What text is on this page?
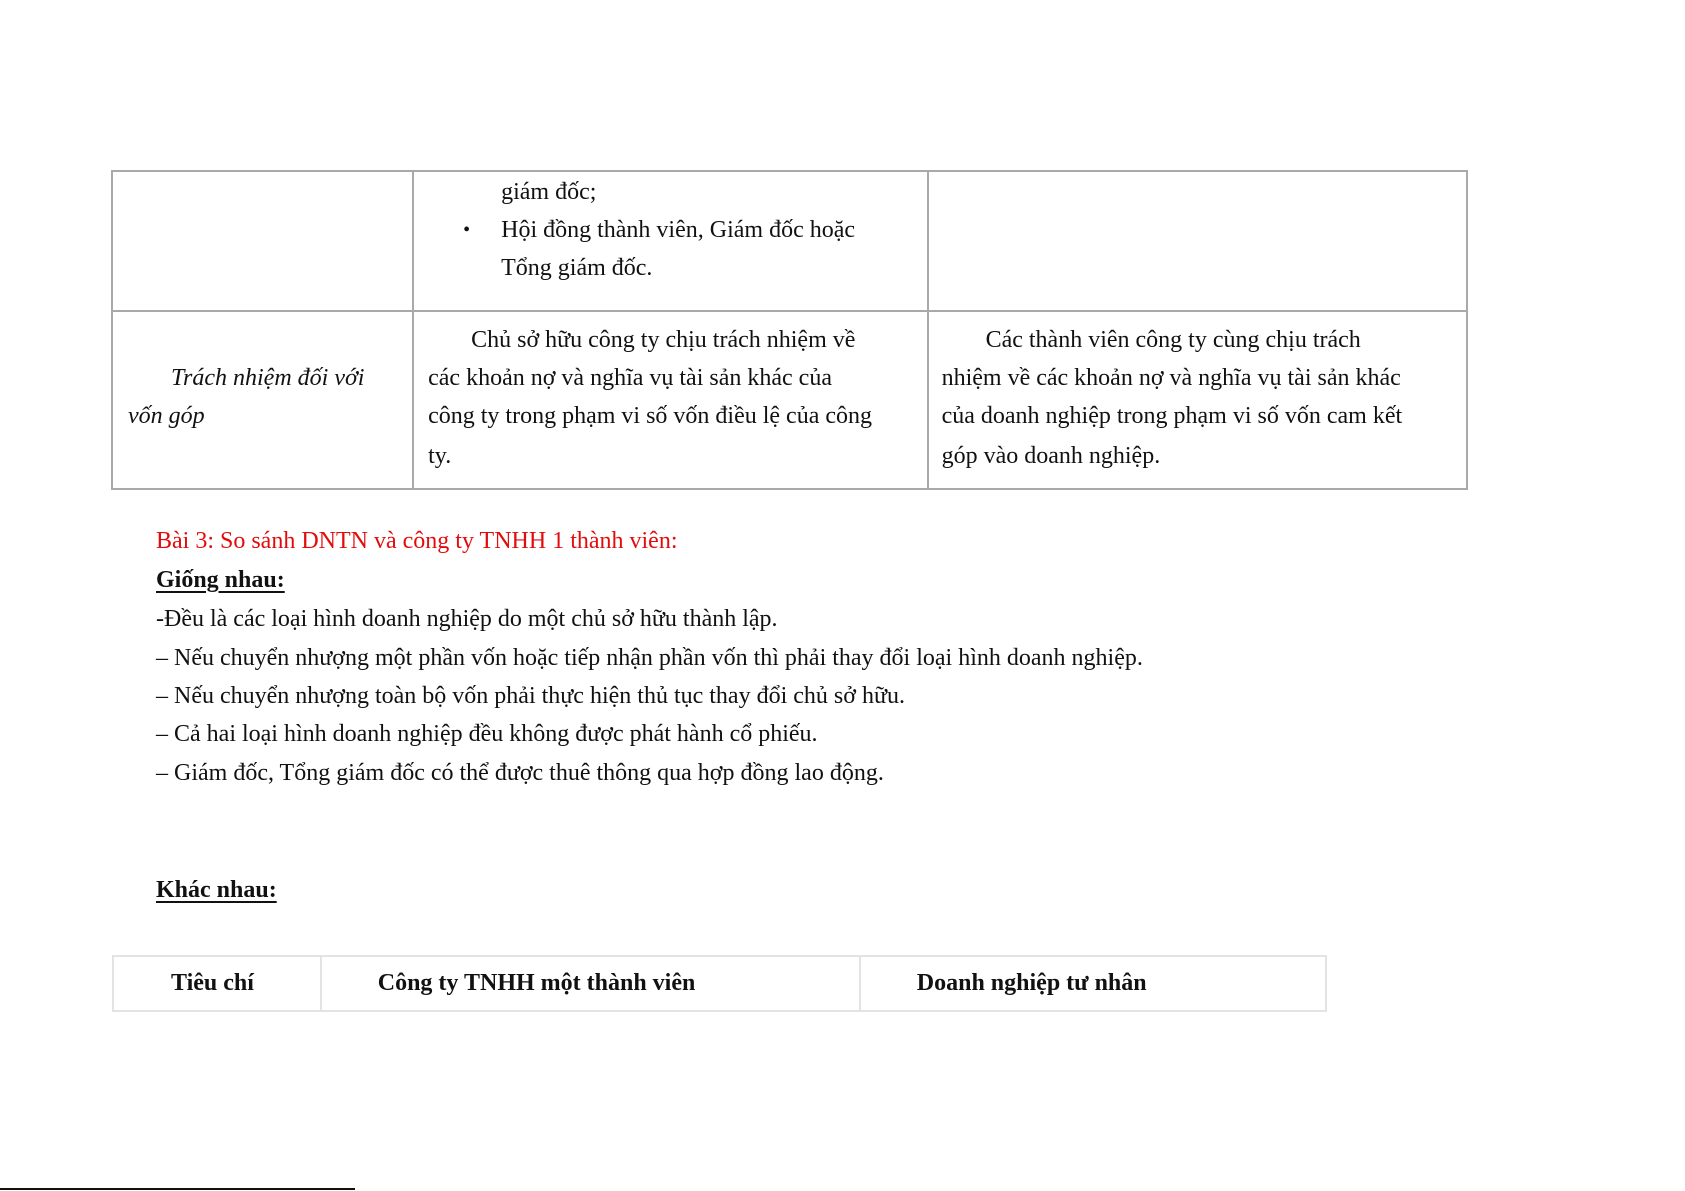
	giám đốc;
• Hội đồng thành viên, Giám đốc hoặc
Tổng giám đốc.	

Trách nhiệm đối với
vốn góp	Chủ sở hữu công ty chịu trách nhiệm về
các khoản nợ và nghĩa vụ tài sản khác của
công ty trong phạm vi số vốn điều lệ của công
ty.	Các thành viên công ty cùng chịu trách
nhiệm về các khoản nợ và nghĩa vụ tài sản khác
của doanh nghiệp trong phạm vi số vốn cam kết
góp vào doanh nghiệp.
Bài 3: So sánh DNTN và công ty TNHH 1 thành viên:
Giống nhau:
-Đều là các loại hình doanh nghiệp do một chủ sở hữu thành lập.
– Nếu chuyển nhượng một phần vốn hoặc tiếp nhận phần vốn thì phải thay đổi loại hình doanh nghiệp.
– Nếu chuyển nhượng toàn bộ vốn phải thực hiện thủ tục thay đổi chủ sở hữu.
– Cả hai loại hình doanh nghiệp đều không được phát hành cổ phiếu.
– Giám đốc, Tổng giám đốc có thể được thuê thông qua hợp đồng lao động.
Khác nhau:
Tiêu chí	Công ty TNHH một thành viên	Doanh nghiệp tư nhân
